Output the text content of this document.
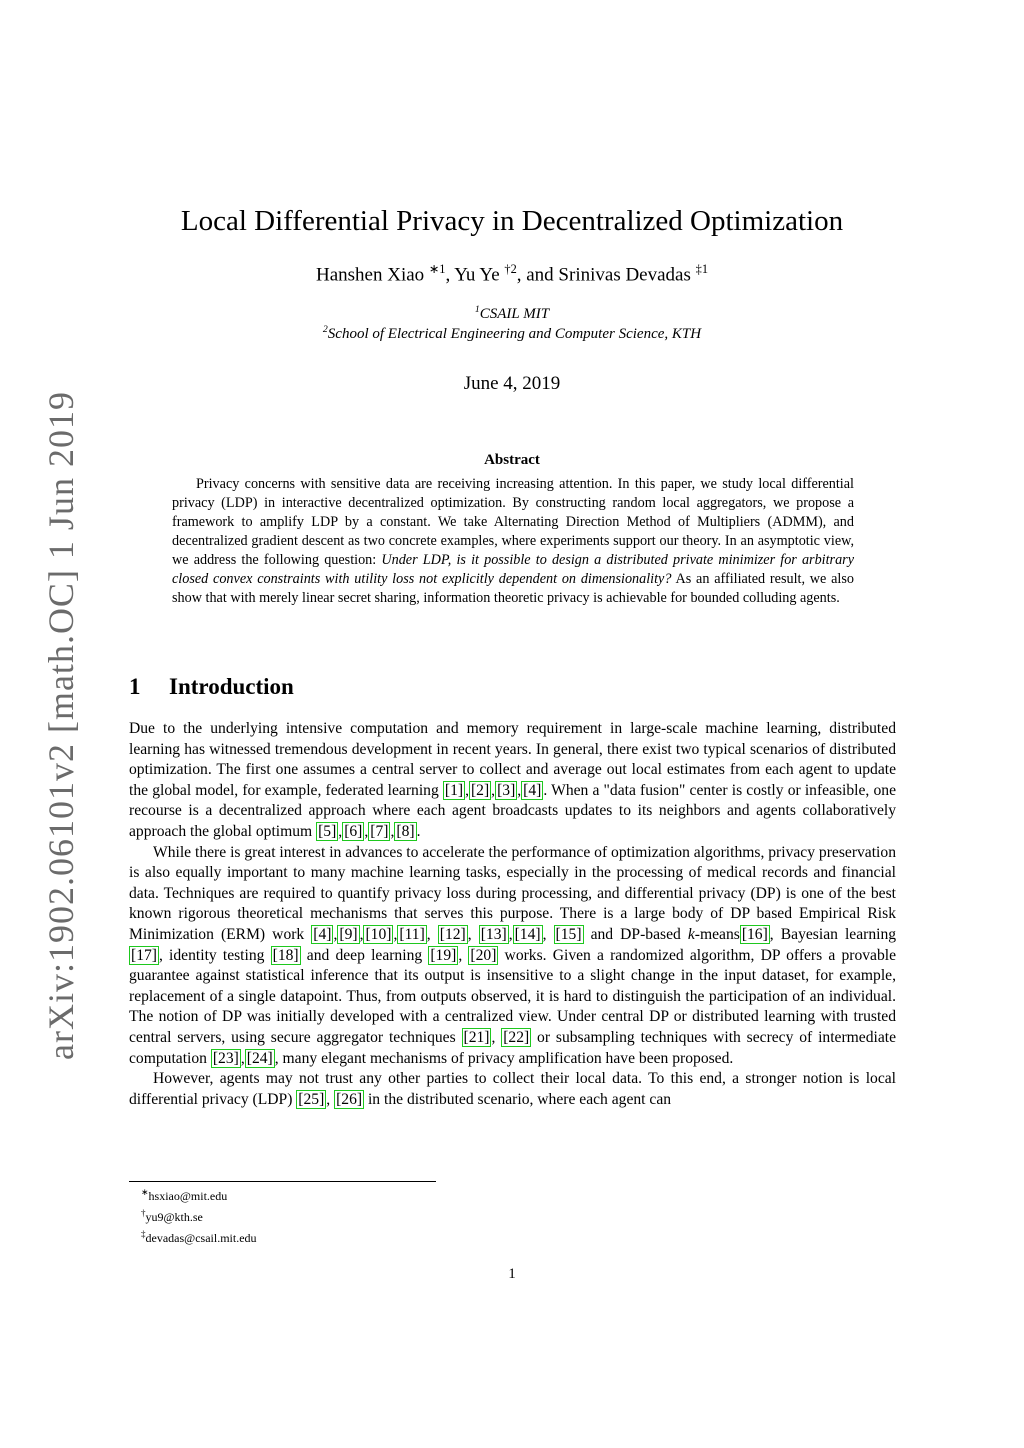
arXiv:1902.06101v2 [math.OC] 1 Jun 2019
Local Differential Privacy in Decentralized Optimization
Hanshen Xiao $^{∗1}$, Yu Ye $^{\dagger 2}$, and Srinivas Devadas $^{\ddagger 1}$
$^1$CSAIL MIT
$^2$School of Electrical Engineering and Computer Science, KTH
June 4, 2019
Abstract
Privacy concerns with sensitive data are receiving increasing attention. In this paper, we study local differential privacy (LDP) in interactive decentralized optimization. By constructing random local aggregators, we propose a framework to amplify LDP by a constant. We take Alternating Direction Method of Multipliers (ADMM), and decentralized gradient descent as two concrete examples, where experiments support our theory. In an asymptotic view, we address the following question: Under LDP, is it possible to design a distributed private minimizer for arbitrary closed convex constraints with utility loss not explicitly dependent on dimensionality? As an affiliated result, we also show that with merely linear secret sharing, information theoretic privacy is achievable for bounded colluding agents.
1 Introduction

Due to the underlying intensive computation and memory requirement in large-scale machine learning, distributed learning has witnessed tremendous development in recent years. In general, there exist two typical scenarios of distributed optimization. The first one assumes a central server to collect and average out local estimates from each agent to update the global model, for example, federated learning [1] , [2] , [3] , [4] . When a "data fusion" center is costly or infeasible, one recourse is a decentralized approach where each agent broadcasts updates to its neighbors and agents collaboratively approach the global optimum [5] , [6] , [7] , [8] .

While there is great interest in advances to accelerate the performance of optimization algorithms, privacy preservation is also equally important to many machine learning tasks, especially in the processing of medical records and financial data. Techniques are required to quantify privacy loss during processing, and differential privacy (DP) is one of the best known rigorous theoretical mechanisms that serves this purpose. There is a large body of DP based Empirical Risk Minimization (ERM) work [4] , [9] , [10] , [11] , [12] , [13] , [14] , [15] and DP-based k-means [16] , Bayesian learning [17] , identity testing [18] and deep learning [19] , [20] works. Given a randomized algorithm, DP offers a provable guarantee against statistical inference that its output is insensitive to a slight change in the input dataset, for example, replacement of a single datapoint. Thus, from outputs observed, it is hard to distinguish the participation of an individual. The notion of DP was initially developed with a centralized view. Under central DP or distributed learning with trusted central servers, using secure aggregator techniques [21] , [22] or subsampling techniques with secrecy of intermediate computation [23] , [24] , many elegant mechanisms of privacy amplification have been proposed.

However, agents may not trust any other parties to collect their local data. To this end, a stronger notion is local differential privacy (LDP) [25] , [26] in the distributed scenario, where each agent can

∗hsxiao@mit.edu
†yu9@kth.se
‡devadas@csail.mit.edu
1
